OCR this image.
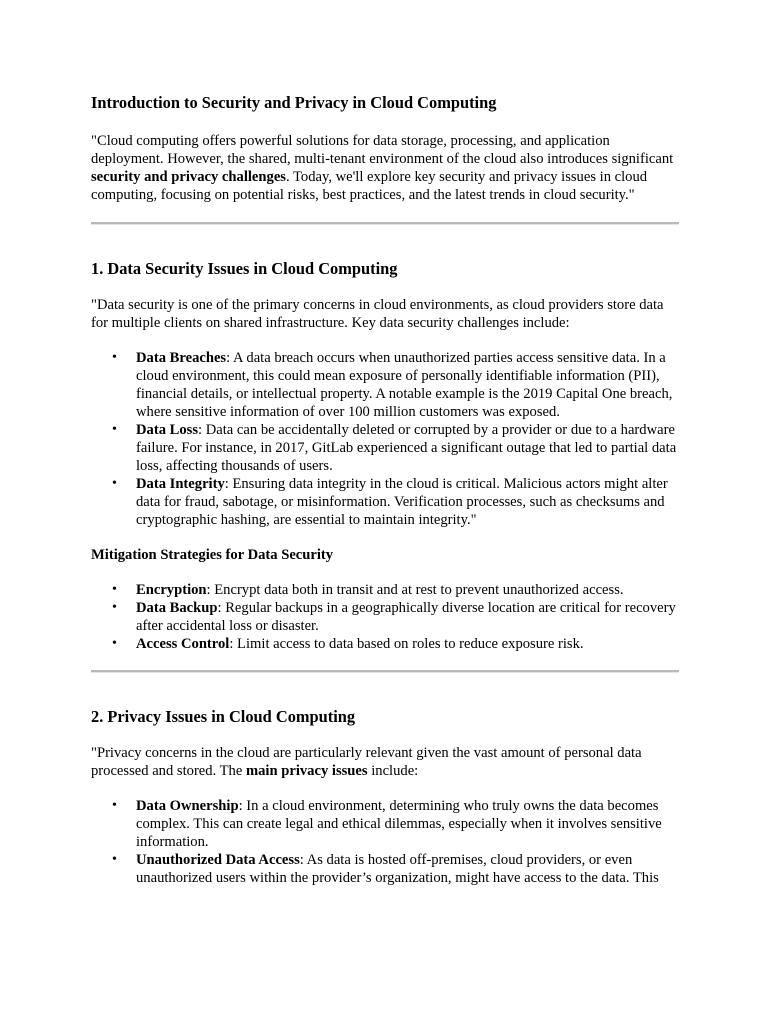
Introduction to Security and Privacy in Cloud Computing

"Cloud computing offers powerful solutions for data storage, processing, and application deployment. However, the shared, multi-tenant environment of the cloud also introduces significant security and privacy challenges. Today, we'll explore key security and privacy issues in cloud computing, focusing on potential risks, best practices, and the latest trends in cloud security."

1. Data Security Issues in Cloud Computing

"Data security is one of the primary concerns in cloud environments, as cloud providers store data for multiple clients on shared infrastructure. Key data security challenges include:

• Data Breaches: A data breach occurs when unauthorized parties access sensitive data. In a cloud environment, this could mean exposure of personally identifiable information (PII), financial details, or intellectual property. A notable example is the 2019 Capital One breach, where sensitive information of over 100 million customers was exposed.
• Data Loss: Data can be accidentally deleted or corrupted by a provider or due to a hardware failure. For instance, in 2017, GitLab experienced a significant outage that led to partial data loss, affecting thousands of users.
• Data Integrity: Ensuring data integrity in the cloud is critical. Malicious actors might alter data for fraud, sabotage, or misinformation. Verification processes, such as checksums and cryptographic hashing, are essential to maintain integrity."
Mitigation Strategies for Data Security
• Encryption: Encrypt data both in transit and at rest to prevent unauthorized access.
• Data Backup: Regular backups in a geographically diverse location are critical for recovery after accidental loss or disaster.
• Access Control: Limit access to data based on roles to reduce exposure risk.
2. Privacy Issues in Cloud Computing

"Privacy concerns in the cloud are particularly relevant given the vast amount of personal data processed and stored. The main privacy issues include:

• Data Ownership: In a cloud environment, determining who truly owns the data becomes complex. This can create legal and ethical dilemmas, especially when it involves sensitive information.
• Unauthorized Data Access: As data is hosted off-premises, cloud providers, or even unauthorized users within the provider’s organization, might have access to the data. This
